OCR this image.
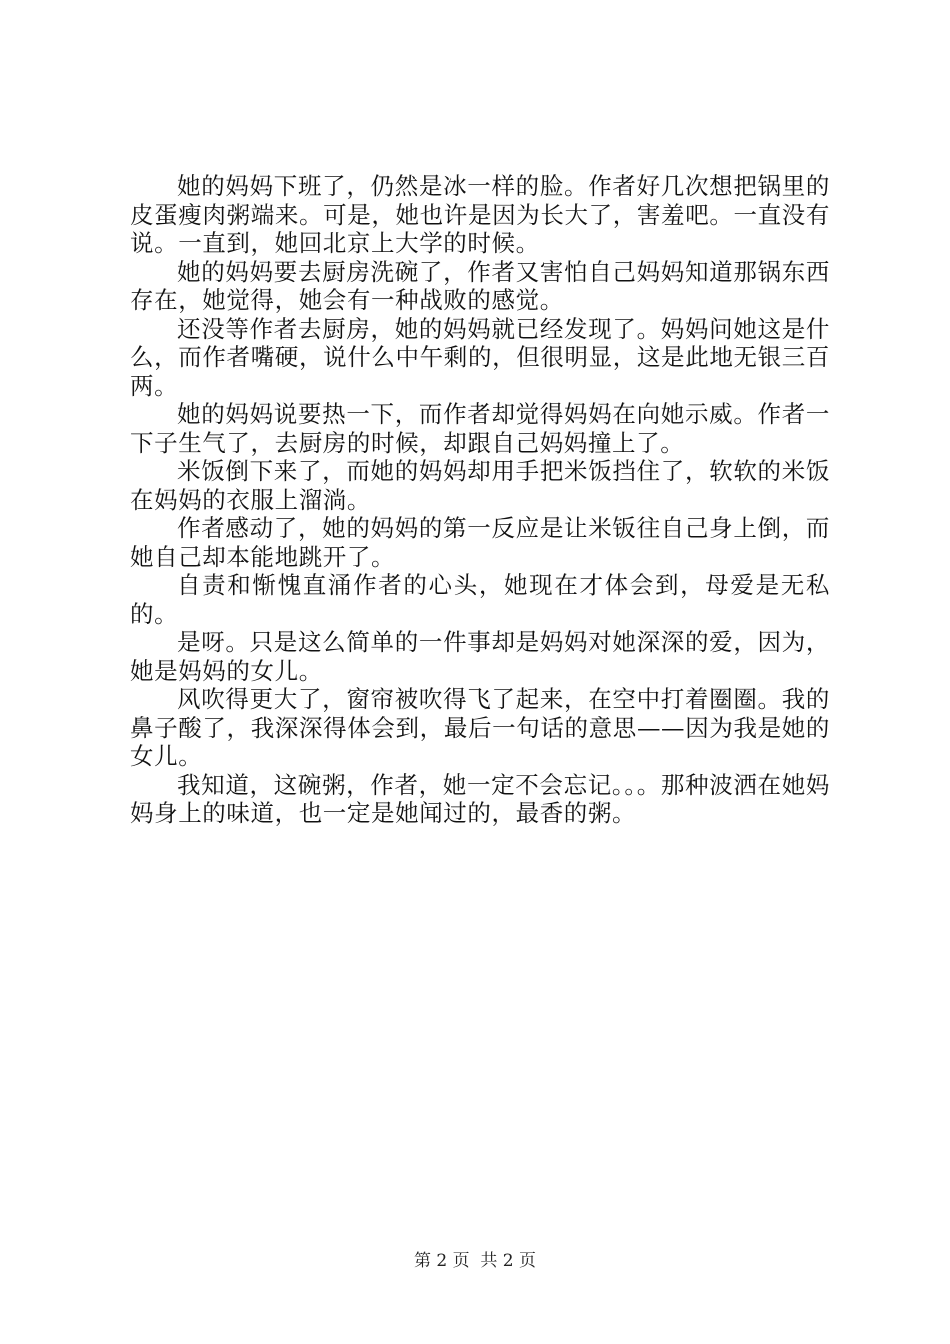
她的妈妈下班了，仍然是冰一样的脸。作者好几次想把锅里的皮蛋瘦肉粥端来。可是，她也许是因为长大了，害羞吧。一直没有说。一直到，她回北京上大学的时候。

她的妈妈要去厨房洗碗了，作者又害怕自己妈妈知道那锅东西存在，她觉得，她会有一种战败的感觉。

还没等作者去厨房，她的妈妈就已经发现了。妈妈问她这是什么，而作者嘴硬，说什么中午剩的，但很明显，这是此地无银三百两。

她的妈妈说要热一下，而作者却觉得妈妈在向她示威。作者一下子生气了，去厨房的时候，却跟自己妈妈撞上了。

米饭倒下来了，而她的妈妈却用手把米饭挡住了，软软的米饭在妈妈的衣服上溜淌。

作者感动了，她的妈妈的第一反应是让米钣往自己身上倒，而她自己却本能地跳开了。

自责和惭愧直涌作者的心头，她现在才体会到，母爱是无私的。

是呀。只是这么简单的一件事却是妈妈对她深深的爱，因为，她是妈妈的女儿。

风吹得更大了，窗帘被吹得飞了起来，在空中打着圈圈。我的鼻子酸了，我深深得体会到，最后一句话的意思——因为我是她的女儿。

我知道，这碗粥，作者，她一定不会忘记。。。那种波洒在她妈妈身上的味道，也一定是她闻过的，最香的粥。

第 2 页  共 2 页
